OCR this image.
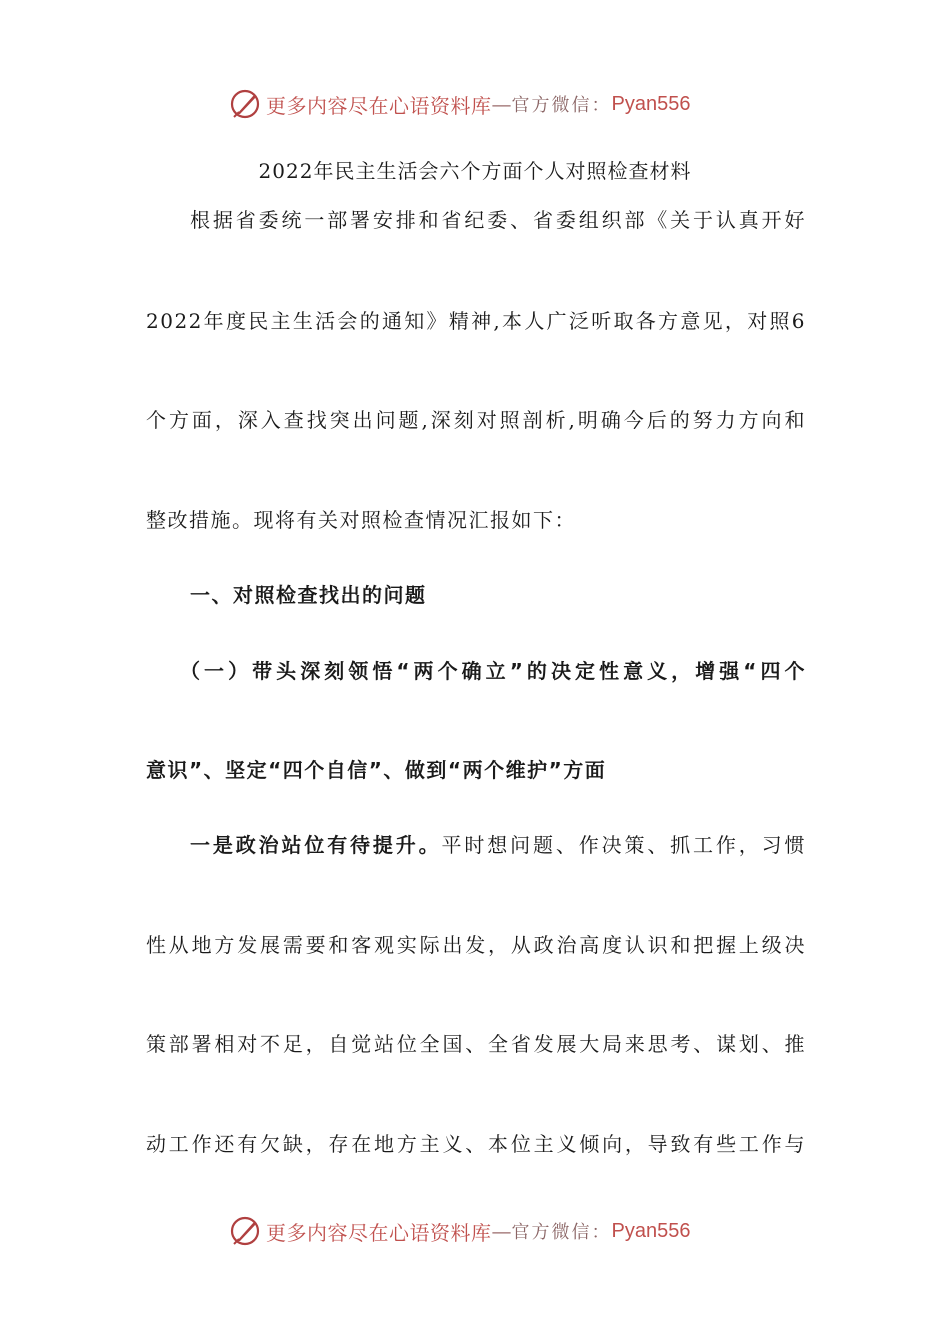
更多内容尽在心语资料库 — 官方微信： Pyan556
2022年民主生活会六个方面个人对照检查材料
根据省委统一部署安排和省纪委、省委组织部《关于认真开好
2022年度民主生活会的通知》精神,本人广泛听取各方意见，对照6
个方面，深入查找突出问题,深刻对照剖析,明确今后的努力方向和
整改措施。现将有关对照检查情况汇报如下：
一、对照检查找出的问题
（一）带头深刻领悟“两个确立”的决定性意义，增强“四个
意识”、坚定“四个自信”、做到“两个维护”方面
一是政治站位有待提升。平时想问题、作决策、抓工作，习惯
性从地方发展需要和客观实际出发，从政治高度认识和把握上级决
策部署相对不足，自觉站位全国、全省发展大局来思考、谋划、推
动工作还有欠缺，存在地方主义、本位主义倾向，导致有些工作与
更多内容尽在心语资料库 — 官方微信： Pyan556
